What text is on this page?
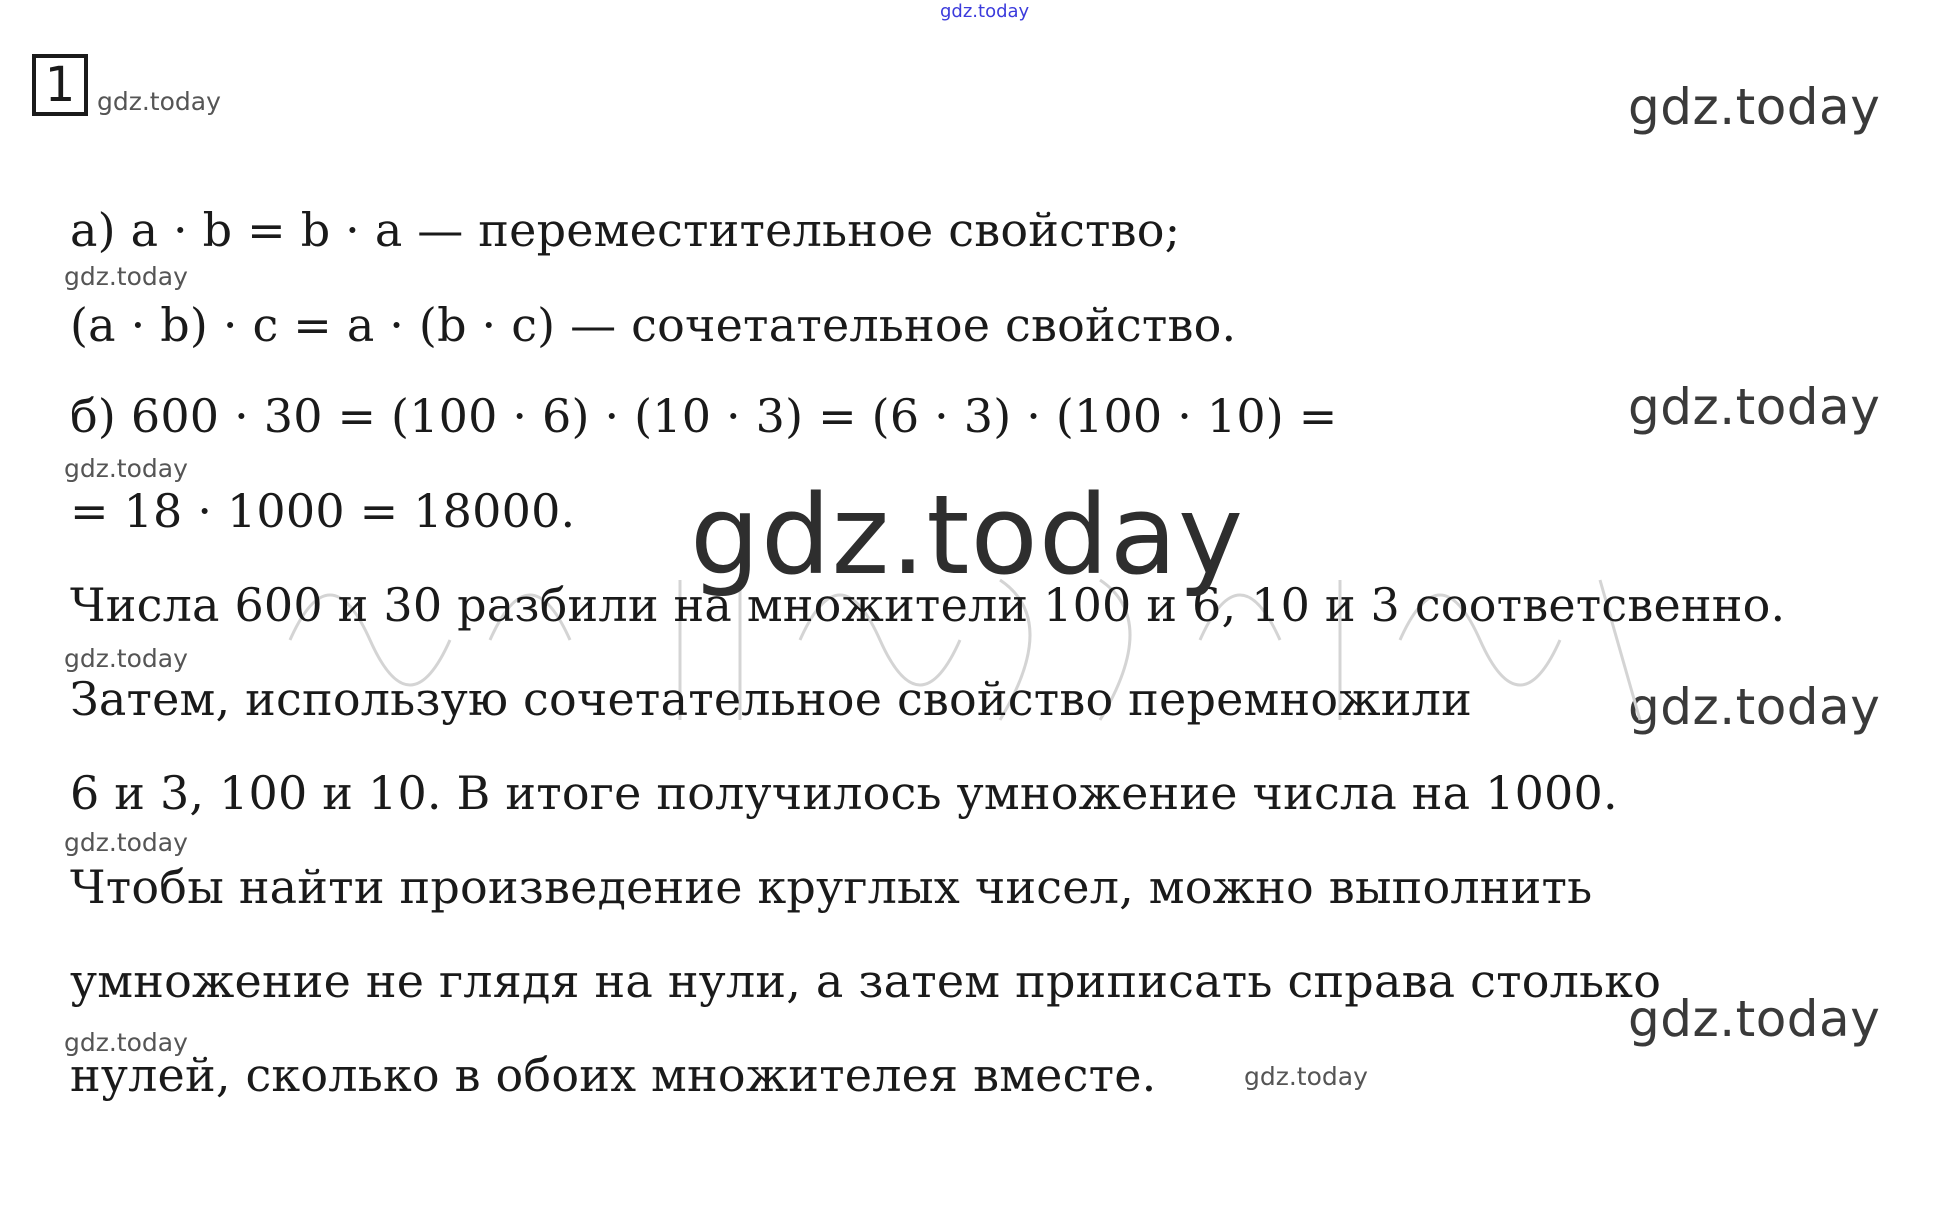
gdz.today
1 gdz.today	gdz.today
gdz.today
gdz.today
gdz.today
gdz.today
gdz.today
gdz.today
gdz.today
gdz.today
а) a · b = b · a — переместительное свойство;
(a · b) · c = a · (b · c) — сочетательное свойство.
б) 600 · 30 = (100 · 6) · (10 · 3) = (6 · 3) · (100 · 10) =
= 18 · 1000 = 18000.
Числа 600 и 30 разбили на множители 100 и 6, 10 и 3 соответсвенно.
Затем, использую сочетательное свойство перемножили
6 и 3, 100 и 10. В итоге получилось умножение числа на 1000.
Чтобы найти произведение круглых чисел, можно выполнить
умножение не глядя на нули, а затем приписать справа столько
нулей, сколько в обоих множителея вместе.	gdz.today
gdz.today
